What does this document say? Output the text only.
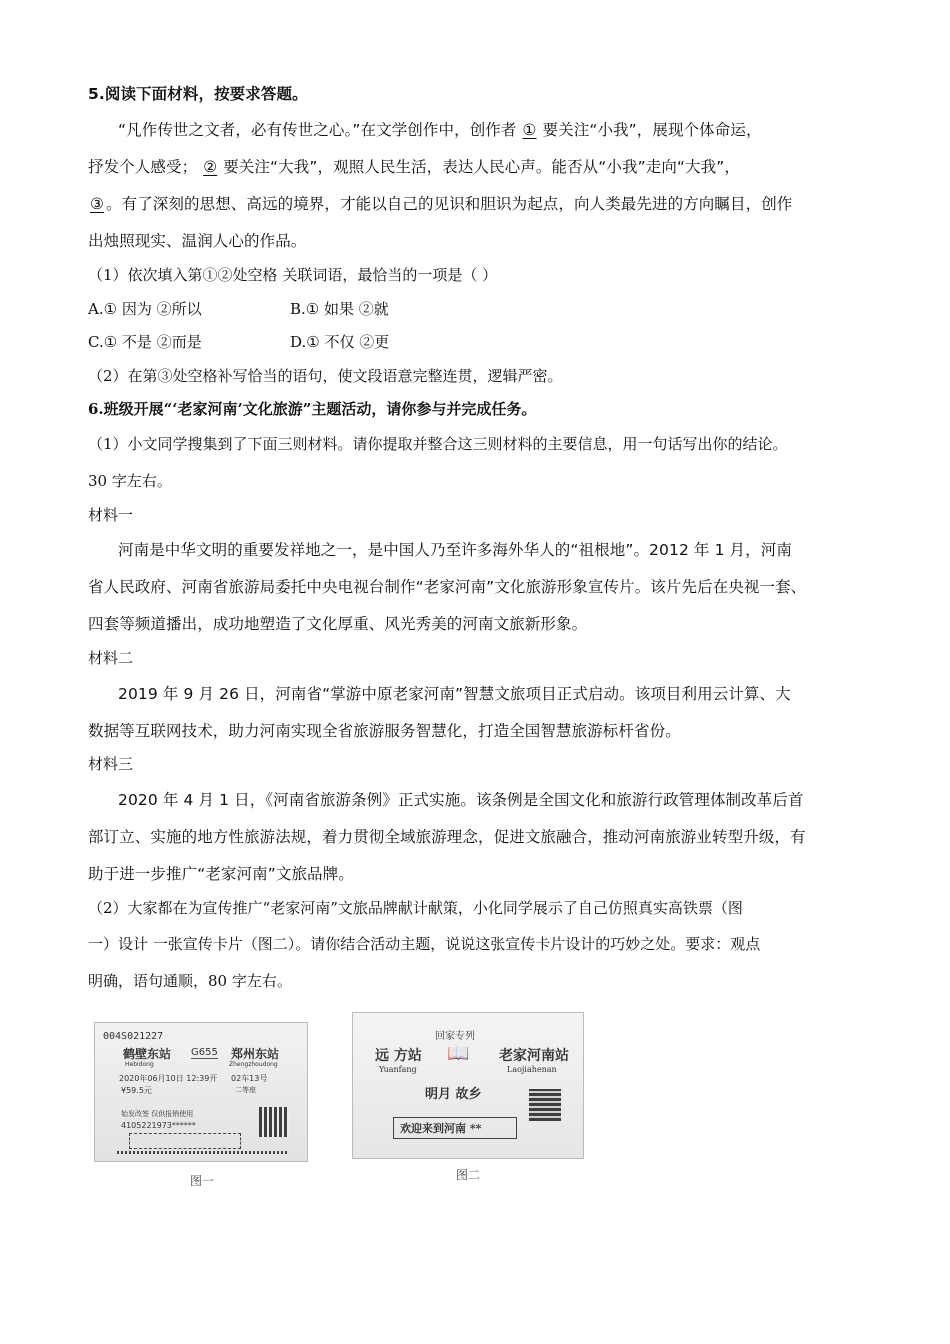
5.阅读下面材料，按要求答题。
“凡作传世之文者，必有传世之心。”在文学创作中，创作者 ① 要关注“小我”，展现个体命运，
抒发个人感受； ② 要关注“大我”，观照人民生活，表达人民心声。能否从“小我”走向“大我”，
③ 。有了深刻的思想、高远的境界，才能以自己的见识和胆识为起点，向人类最先进的方向瞩目，创作
出烛照现实、温润人心的作品。
（1）依次填入第①②处空格 关联词语，最恰当的一项是（ ）
A.① 因为 ②所以	B.① 如果 ②就
C.① 不是 ②而是	D.① 不仅 ②更
（2）在第③处空格补写恰当的语句，使文段语意完整连贯，逻辑严密。
6.班级开展“‘老家河南’文化旅游”主题活动，请你参与并完成任务。
（1）小文同学搜集到了下面三则材料。请你提取并整合这三则材料的主要信息，用一句话写出你的结论。
30 字左右。
材料一
河南是中华文明的重要发祥地之一，是中国人乃至许多海外华人的“祖根地”。2012 年 1 月，河南
省人民政府、河南省旅游局委托中央电视台制作“老家河南”文化旅游形象宣传片。该片先后在央视一套、
四套等频道播出，成功地塑造了文化厚重、风光秀美的河南文旅新形象。
材料二
2019 年 9 月 26 日，河南省“掌游中原老家河南”智慧文旅项目正式启动。该项目利用云计算、大
数据等互联网技术，助力河南实现全省旅游服务智慧化，打造全国智慧旅游标杆省份。
材料三
2020 年 4 月 1 日，《河南省旅游条例》正式实施。该条例是全国文化和旅游行政管理体制改革后首
部订立、实施的地方性旅游法规，着力贯彻全域旅游理念，促进文旅融合，推动河南旅游业转型升级，有
助于进一步推广“老家河南”文旅品牌。
（2）大家都在为宣传推广“老家河南”文旅品牌献计献策，小化同学展示了自己仿照真实高铁票（图
一）设计 一张宣传卡片（图二）。请你结合活动主题，说说这张宣传卡片设计的巧妙之处。要求：观点
明确，语句通顺，80 字左右。
004S021227
鹤壁东站
Hebidong
G655 郑州东站
Zhengzhoudong
2020年06月10日 12:39开 02车13号
¥59.5元	二等座
始发改签 仅供报销使用
4105221973******
图一
回家专列
远 方站
Yuanfang
📖 老家河南站
Laojiahenan
明月 故乡
欢迎来到河南 **
图二
